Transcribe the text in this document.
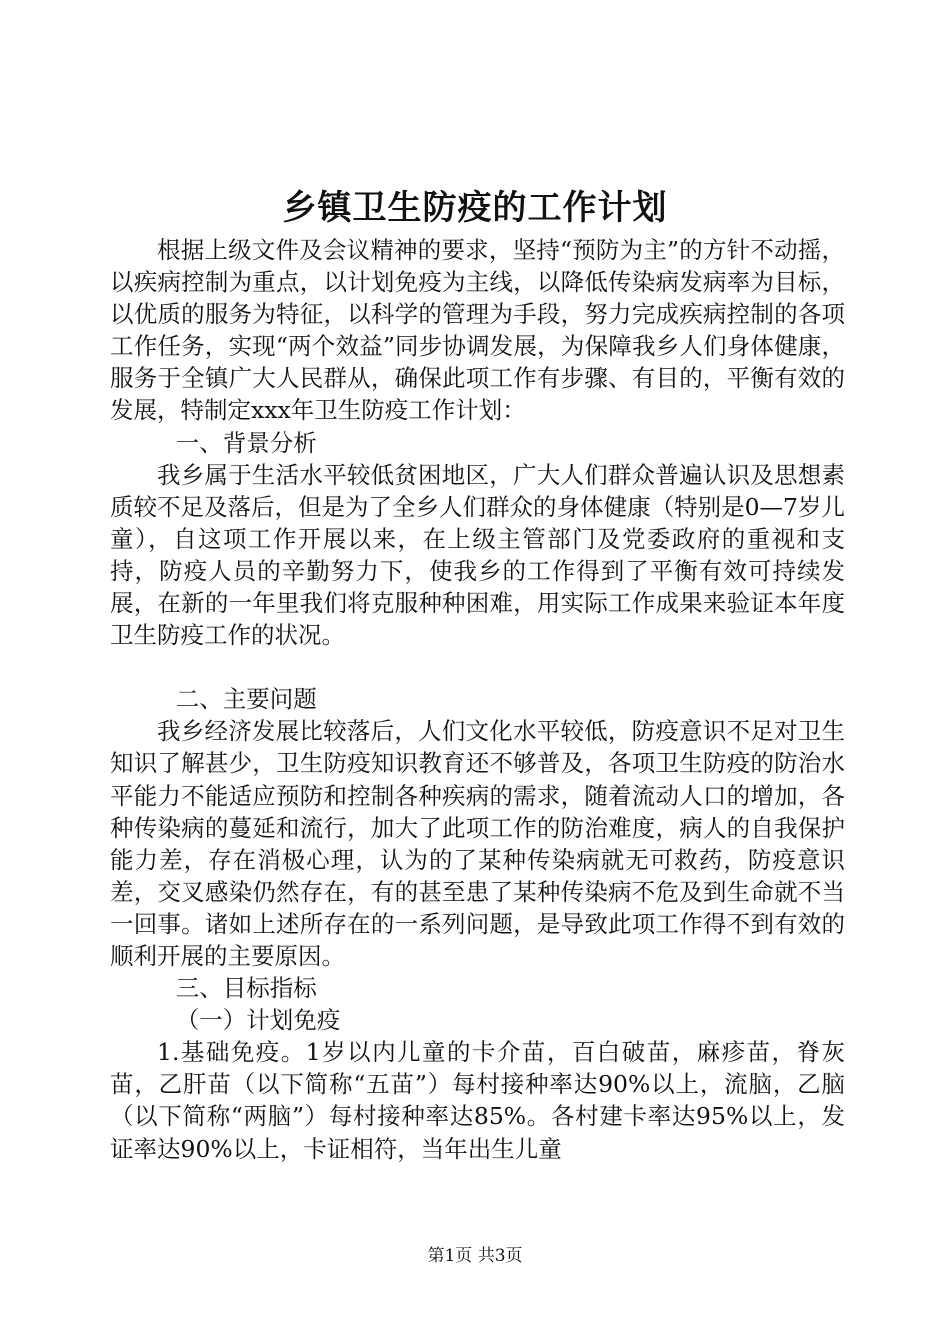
乡镇卫生防疫的工作计划

根据上级文件及会议精神的要求，坚持“预防为主”的方针不动摇，以疾病控制为重点，以计划免疫为主线，以降低传染病发病率为目标，以优质的服务为特征，以科学的管理为手段，努力完成疾病控制的各项工作任务，实现“两个效益”同步协调发展，为保障我乡人们身体健康，服务于全镇广大人民群从，确保此项工作有步骤、有目的，平衡有效的发展，特制定xxx年卫生防疫工作计划：

一、背景分析

我乡属于生活水平较低贫困地区，广大人们群众普遍认识及思想素质较不足及落后，但是为了全乡人们群众的身体健康（特别是0—7岁儿童），自这项工作开展以来，在上级主管部门及党委政府的重视和支持，防疫人员的辛勤努力下，使我乡的工作得到了平衡有效可持续发展，在新的一年里我们将克服种种困难，用实际工作成果来验证本年度卫生防疫工作的状况。

二、主要问题

我乡经济发展比较落后，人们文化水平较低，防疫意识不足对卫生知识了解甚少，卫生防疫知识教育还不够普及，各项卫生防疫的防治水平能力不能适应预防和控制各种疾病的需求，随着流动人口的增加，各种传染病的蔓延和流行，加大了此项工作的防治难度，病人的自我保护能力差，存在消极心理，认为的了某种传染病就无可救药，防疫意识差，交叉感染仍然存在，有的甚至患了某种传染病不危及到生命就不当一回事。诸如上述所存在的一系列问题，是导致此项工作得不到有效的顺利开展的主要原因。

三、目标指标

（一）计划免疫

1.基础免疫。1岁以内儿童的卡介苗，百白破苗，麻疹苗，脊灰苗，乙肝苗（以下简称“五苗”）每村接种率达90%以上，流脑，乙脑（以下简称“两脑”）每村接种率达85%。各村建卡率达95%以上，发证率达90%以上，卡证相符，当年出生儿童

第1页 共3页
